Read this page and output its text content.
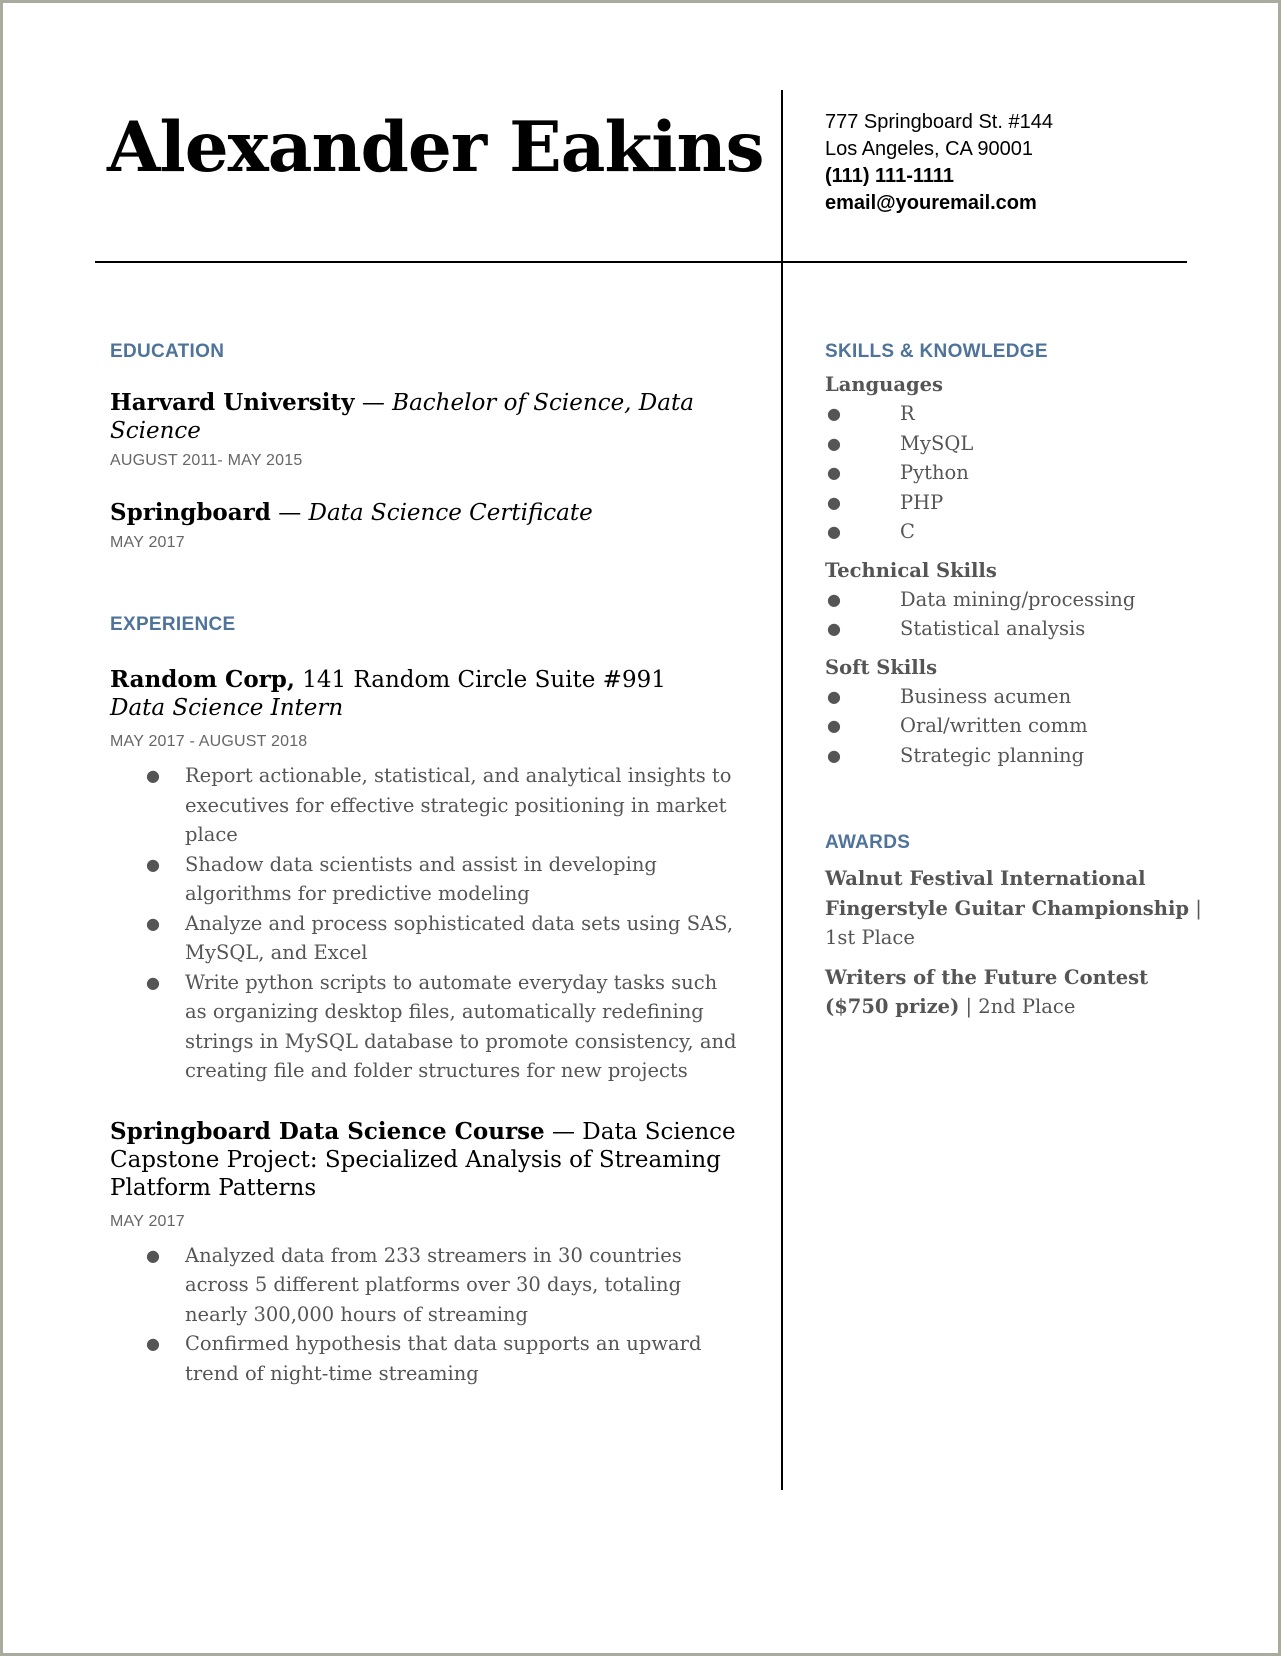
Alexander Eakins	777 Springboard St. #144
Los Angeles, CA 90001
(111) 111-1111
email@youremail.com
EDUCATION
Harvard University — Bachelor of Science, Data Science
AUGUST 2011- MAY 2015
Springboard — Data Science Certificate
MAY 2017
EXPERIENCE
Random Corp, 141 Random Circle Suite #991
Data Science Intern
MAY 2017 - AUGUST 2018
● Report actionable, statistical, and analytical insights to executives for effective strategic positioning in market place
● Shadow data scientists and assist in developing algorithms for predictive modeling
● Analyze and process sophisticated data sets using SAS, MySQL, and Excel
● Write python scripts to automate everyday tasks such as organizing desktop files, automatically redefining strings in MySQL database to promote consistency, and creating file and folder structures for new projects
Springboard Data Science Course — Data Science Capstone Project: Specialized Analysis of Streaming Platform Patterns
MAY 2017
● Analyzed data from 233 streamers in 30 countries across 5 different platforms over 30 days, totaling nearly 300,000 hours of streaming
● Confirmed hypothesis that data supports an upward trend of night-time streaming
SKILLS & KNOWLEDGE
Languages
●	R
●	MySQL
●	Python
●	PHP
●	C
Technical Skills
●	Data mining/processing
●	Statistical analysis
Soft Skills
●	Business acumen
●	Oral/written comm
●	Strategic planning
AWARDS
Walnut Festival International Fingerstyle Guitar Championship | 1st Place
Writers of the Future Contest ($750 prize) | 2nd Place
